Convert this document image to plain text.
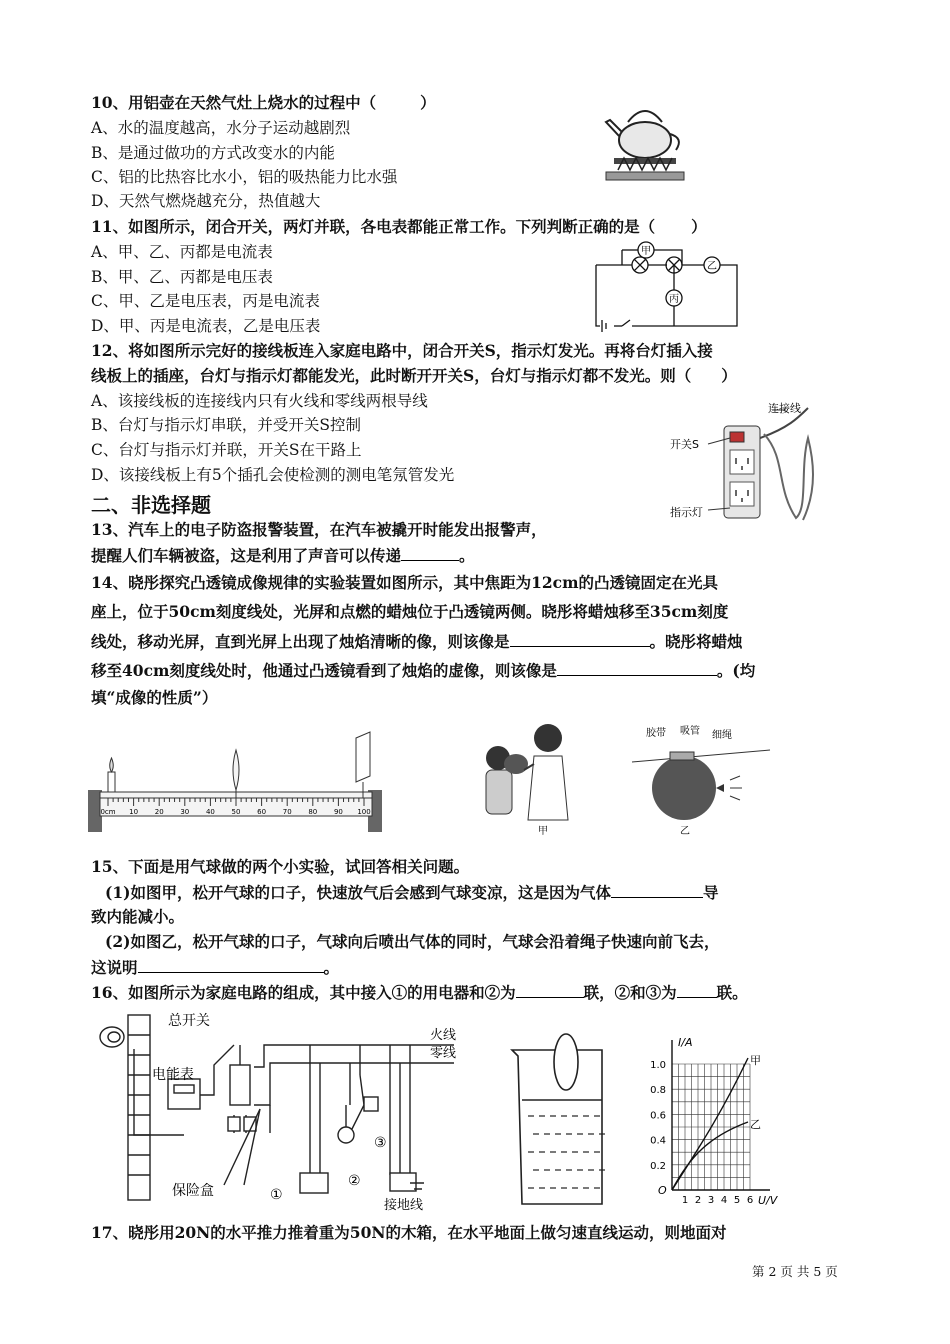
10、用铝壶在天然气灶上烧水的过程中（	）
A、水的温度越高，水分子运动越剧烈
B、是通过做功的方式改变水的内能
C、铝的比热容比水小，铝的吸热能力比水强
D、天然气燃烧越充分，热值越大
11、如图所示，闭合开关，两灯并联，各电表都能正常工作。下列判断正确的是（ ）
A、甲、乙、丙都是电流表
B、甲、乙、丙都是电压表
C、甲、乙是电压表，丙是电流表
D、甲、丙是电流表，乙是电压表
甲
乙
丙
12、将如图所示完好的接线板连入家庭电路中，闭合开关S，指示灯发光。再将台灯插入接
线板上的插座，台灯与指示灯都能发光，此时断开开关S，台灯与指示灯都不发光。则（ ）
A、该接线板的连接线内只有火线和零线两根导线
B、台灯与指示灯串联，并受开关S控制
C、台灯与指示灯并联，开关S在干路上
D、该接线板上有5个插孔会使检测的测电笔氖管发光
开关S
指示灯
连接线
二、非选择题
13、汽车上的电子防盗报警装置，在汽车被撬开时能发出报警声，
提醒人们车辆被盗，这是利用了声音可以传递	。
14、晓彤探究凸透镜成像规律的实验装置如图所示，其中焦距为12cm的凸透镜固定在光具
座上，位于50cm刻度线处，光屏和点燃的蜡烛位于凸透镜两侧。晓彤将蜡烛移至35cm刻度
线处，移动光屏，直到光屏上出现了烛焰清晰的像，则该像是	。晓彤将蜡烛
移至40cm刻度线处时，他通过凸透镜看到了烛焰的虚像，则该像是	。(均
填“成像的性质”）
0cm 10 20 30 40 50 60 70 80 90 100
甲
胶带 吸管 细绳
乙
15、下面是用气球做的两个小实验，试回答相关问题。
(1)如图甲，松开气球的口子，快速放气后会感到气球变凉，这是因为气体	导
致内能减小。
(2)如图乙，松开气球的口子，气球向后喷出气体的同时，气球会沿着绳子快速向前飞去，
这说明	。
16、如图所示为家庭电路的组成，其中接入①的用电器和②为	联，②和③为	联。
总开关
电能表
火线
零线
保险盒
接地线
①
②
③
I/A
U/V
O
甲
乙
0.2
0.4
0.6
0.8
1.0
1 2 3 4 5 6
17、晓彤用20N的水平推力推着重为50N的木箱，在水平地面上做匀速直线运动，则地面对
第 2 页 共 5 页
